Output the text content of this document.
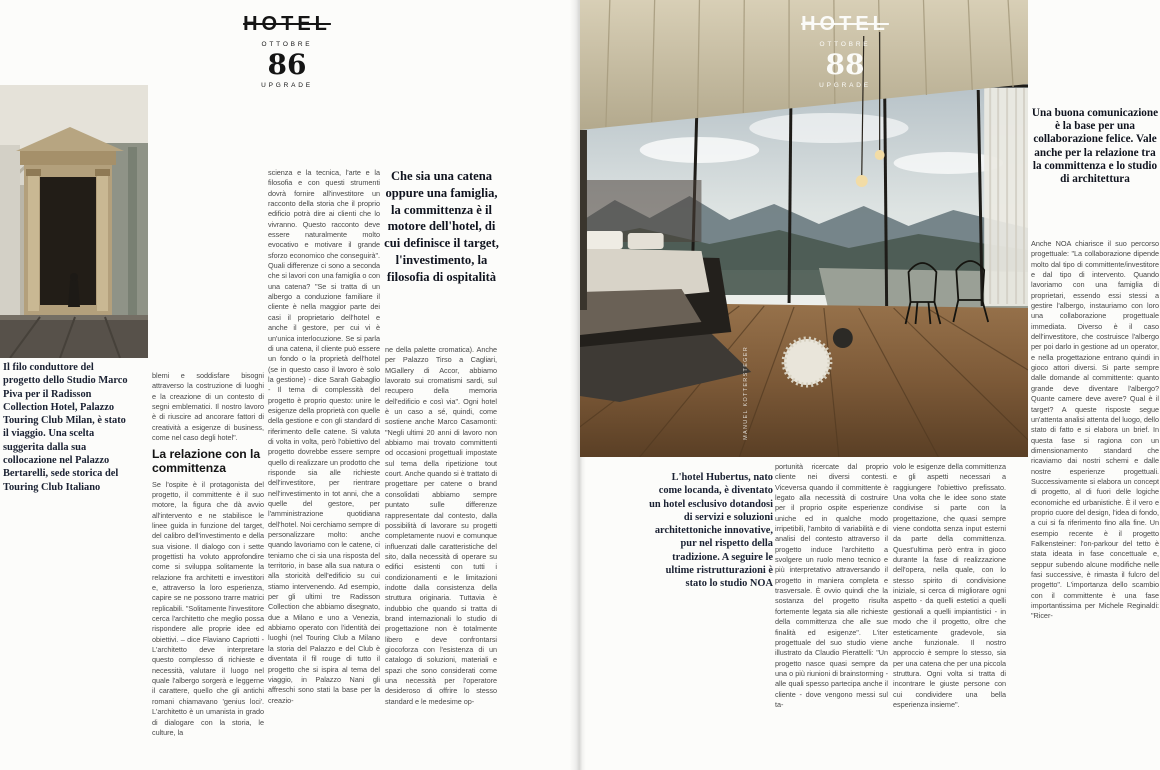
HOTEL
OTTOBRE
86
UPGRADE

Il filo conduttore del progetto dello Studio Marco Piva per il Radisson Collection Hotel, Palazzo Touring Club Milan, è stato il viaggio. Una scelta suggerita dalla sua collocazione nel Palazzo Bertarelli, sede storica del Touring Club Italiano

blemi e soddisfare bisogni attraverso la costruzione di luoghi e la creazione di un contesto di segni emblematici. Il nostro lavoro è di riuscire ad ancorare fattori di creatività a esigenze di business, come nel caso degli hotel".
La relazione con la committenza
Se l'ospite è il protagonista del progetto, il committente è il suo motore, la figura che dà avvio all'intervento e ne stabilisce le linee guida in funzione del target, del calibro dell'investimento e della sua visione. Il dialogo con i sette progettisti ha voluto approfondire come si sviluppa solitamente la relazione fra architetti e investitori e, attraverso la loro esperienza, capire se ne possono trarre matrici replicabili. "Solitamente l'investitore cerca l'architetto che meglio possa rispondere alle proprie idee ed obiettivi. – dice Flaviano Capriotti - L'architetto deve interpretare questo complesso di richieste e necessità, valutare il luogo nel quale l'albergo sorgerà e leggerne il carattere, quello che gli antichi romani chiamavano 'genius loci'. L'architetto è un umanista in grado di dialogare con la storia, le culture, la
scienza e la tecnica, l'arte e la filosofia e con questi strumenti dovrà fornire all'investitore un racconto della storia che il proprio edificio potrà dire ai clienti che lo vivranno. Questo racconto deve essere naturalmente molto evocativo e motivare il grande sforzo economico che conseguirà". Quali differenze ci sono a seconda che si lavori con una famiglia o con una catena? "Se si tratta di un albergo a conduzione familiare il cliente è nella maggior parte dei casi il proprietario dell'hotel e anche il gestore, per cui vi è un'unica interlocuzione. Se si parla di una catena, il cliente può essere un fondo o la proprietà dell'hotel (se in questo caso il lavoro è solo la gestione) - dice Sarah Gabaglio - Il tema di complessità del progetto è proprio questo: unire le esigenze della proprietà con quelle della gestione e con gli standard di riferimento delle catene. Si valuta di volta in volta, però l'obiettivo del progetto dovrebbe essere sempre quello di realizzare un prodotto che risponde sia alle richieste dell'investitore, per rientrare nell'investimento in tot anni, che a quelle del gestore, per l'amministrazione quotidiana dell'hotel. Noi cerchiamo sempre di personalizzare molto: anche quando lavoriamo con le catene, ci teniamo che ci sia una risposta del territorio, in base alla sua natura o alla storicità dell'edificio su cui stiamo intervenendo. Ad esempio, per gli ultimi tre Radisson Collection che abbiamo disegnato, due a Milano e uno a Venezia, abbiamo operato con l'identità dei luoghi (nel Touring Club a Milano la storia del Palazzo e del Club è diventata il fil rouge di tutto il progetto che si ispira al tema del viaggio, in Palazzo Nani gli affreschi sono stati la base per la creazio-
Che sia una catena oppure una famiglia, la committenza è il motore dell'hotel, di cui definisce il target, l'investimento, la filosofia di ospitalità
ne della palette cromatica). Anche per Palazzo Tirso a Cagliari, MGallery di Accor, abbiamo lavorato sui cromatismi sardi, sul recupero della memoria dell'edificio e così via". Ogni hotel è un caso a sé, quindi, come sostiene anche Marco Casamonti: "Negli ultimi 20 anni di lavoro non abbiamo mai trovato committenti od occasioni progettuali impostate sul tema della ripetizione tout court. Anche quando si è trattato di progettare per catene o brand consolidati abbiamo sempre puntato sulle differenze rappresentate dal contesto, dalla possibilità di lavorare su progetti completamente nuovi e comunque influenzati dalle caratteristiche del sito, dalla necessità di operare su edifici esistenti con tutti i condizionamenti e le limitazioni indotte dalla consistenza della struttura originaria. Tuttavia è indubbio che quando si tratta di brand internazionali lo studio di progettazione non è totalmente libero e deve confrontarsi giocoforza con l'esistenza di un catalogo di soluzioni, materiali e spazi che sono considerati come una necessità per l'operatore desideroso di offrire lo stesso standard e le medesime op-
HOTEL
OTTOBRE
88
UPGRADE
MANUEL KOTTERSTEGER

L'hotel Hubertus, nato come locanda, è diventato un hotel esclusivo dotandosi di servizi e soluzioni architettoniche innovative, pur nel rispetto della tradizione. A seguire le ultime ristrutturazioni è stato lo studio NOA

portunità ricercate dal proprio cliente nei diversi contesti. Viceversa quando il committente è legato alla necessità di costruire per il proprio ospite esperienze uniche ed in qualche modo irripetibili, l'ambito di variabilità e di analisi del contesto attraverso il progetto induce l'architetto a svolgere un ruolo meno tecnico e più interpretativo attraversando il progetto in maniera completa e trasversale. È ovvio quindi che la sostanza del progetto risulta fortemente legata sia alle richieste della committenza che alle sue finalità ed esigenze". L'iter progettuale del suo studio viene illustrato da Claudio Pierattelli: "Un progetto nasce quasi sempre da una o più riunioni di brainstorming - alle quali spesso partecipa anche il cliente - dove vengono messi sul ta-
volo le esigenze della committenza e gli aspetti necessari a raggiungere l'obiettivo prefissato. Una volta che le idee sono state condivise si parte con la progettazione, che quasi sempre viene condotta senza input esterni da parte della committenza. Quest'ultima però entra in gioco durante la fase di realizzazione dell'opera, nella quale, con lo stesso spirito di condivisione iniziale, si cerca di migliorare ogni aspetto - da quelli estetici a quelli gestionali a quelli impiantistici - in modo che il progetto, oltre che esteticamente gradevole, sia anche funzionale. Il nostro approccio è sempre lo stesso, sia per una catena che per una piccola struttura. Ogni volta si tratta di incontrare le giuste persone con cui condividere una bella esperienza insieme".
Una buona comunicazione è la base per una collaborazione felice. Vale anche per la relazione tra la committenza e lo studio di architettura
Anche NOA chiarisce il suo percorso progettuale: "La collaborazione dipende molto dal tipo di committente/investitore e dal tipo di intervento. Quando lavoriamo con una famiglia di proprietari, essendo essi stessi a gestire l'albergo, instauriamo con loro una collaborazione progettuale immediata. Diverso è il caso dell'investitore, che costruisce l'albergo per poi darlo in gestione ad un operator, e nella progettazione entrano quindi in gioco attori diversi. Si parte sempre dalle domande al committente: quanto grande deve diventare l'albergo? Quante camere deve avere? Qual è il target? A queste risposte segue un'attenta analisi attenta del luogo, dello stato di fatto e si elabora un brief. In questa fase si ragiona con un dimensionamento standard che ricaviamo dai nostri schemi e dalle nostre esperienze progettuali. Successivamente si elabora un concept di progetto, al di fuori delle logiche economiche ed urbanistiche. È il vero e proprio cuore del design, l'idea di fondo, a cui si fa riferimento fino alla fine. Un esempio recente è il progetto Falkensteiner: l'on-parkour del tetto è stata ideata in fase concettuale e, seppur subendo alcune modifiche nelle fasi successive, è rimasta il fulcro del progetto". L'importanza dello scambio con il committente è una fase importantissima per Michele Reginaldi: "Ricer-
